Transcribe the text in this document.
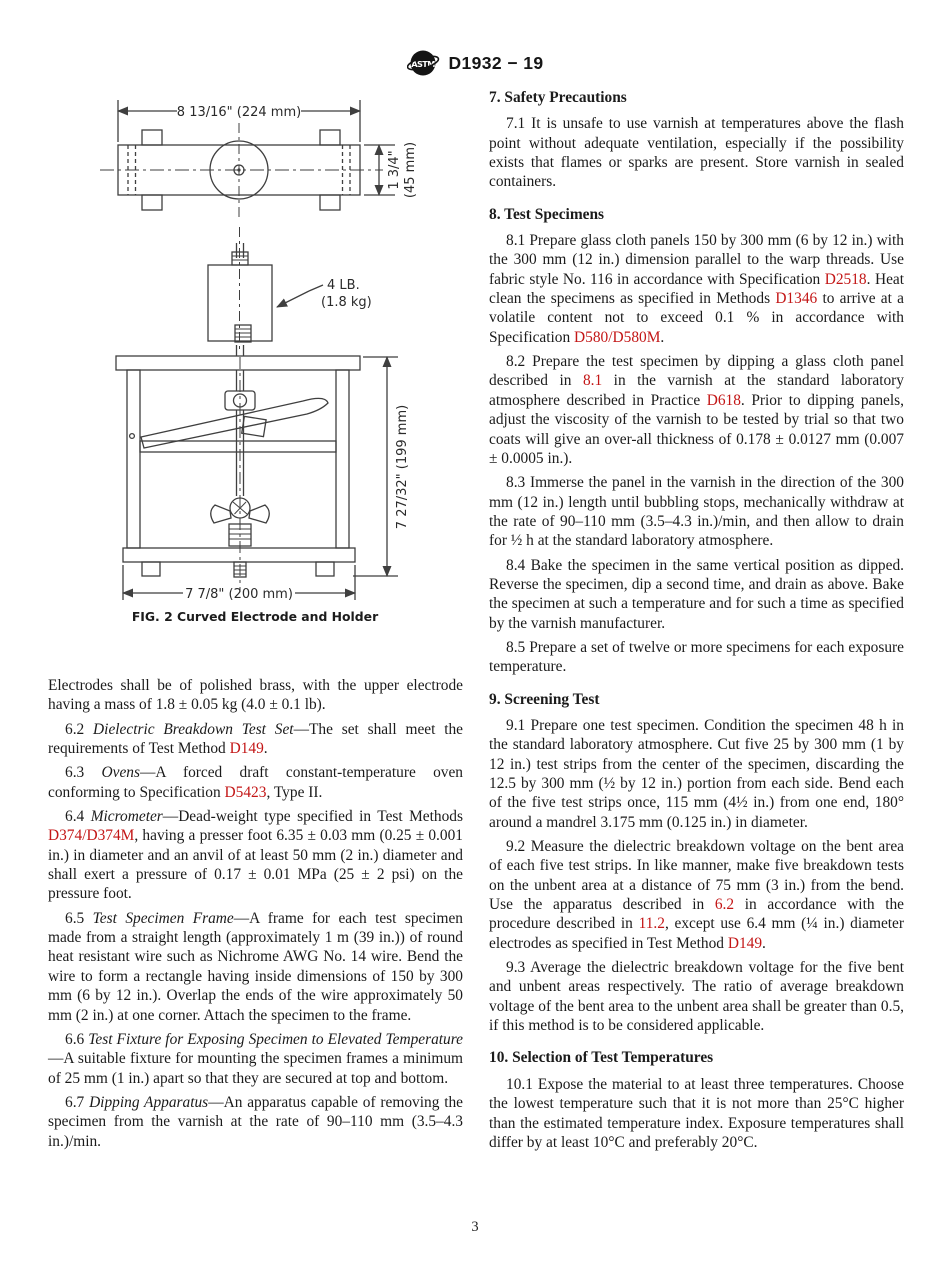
ASTM D1932 − 19
8 13/16" (224 mm)
1 3/4" (45 mm)
4 LB.
(1.8 kg)
7 7/8" (200 mm)
7 27/32" (199 mm)
FIG. 2 Curved Electrode and Holder

Electrodes shall be of polished brass, with the upper electrode having a mass of 1.8 ± 0.05 kg (4.0 ± 0.1 lb).

6.2 Dielectric Breakdown Test Set—The set shall meet the requirements of Test Method D149.

6.3 Ovens—A forced draft constant-temperature oven conforming to Specification D5423, Type II.

6.4 Micrometer—Dead-weight type specified in Test Methods D374/D374M, having a presser foot 6.35 ± 0.03 mm (0.25 ± 0.001 in.) in diameter and an anvil of at least 50 mm (2 in.) diameter and shall exert a pressure of 0.17 ± 0.01 MPa (25 ± 2 psi) on the pressure foot.

6.5 Test Specimen Frame—A frame for each test specimen made from a straight length (approximately 1 m (39 in.)) of round heat resistant wire such as Nichrome AWG No. 14 wire. Bend the wire to form a rectangle having inside dimensions of 150 by 300 mm (6 by 12 in.). Overlap the ends of the wire approximately 50 mm (2 in.) at one corner. Attach the specimen to the frame.

6.6 Test Fixture for Exposing Specimen to Elevated Temperature—A suitable fixture for mounting the specimen frames a minimum of 25 mm (1 in.) apart so that they are secured at top and bottom.

6.7 Dipping Apparatus—An apparatus capable of removing the specimen from the varnish at the rate of 90–110 mm (3.5–4.3 in.)/min.

7. Safety Precautions

7.1 It is unsafe to use varnish at temperatures above the flash point without adequate ventilation, especially if the possibility exists that flames or sparks are present. Store varnish in sealed containers.

8. Test Specimens

8.1 Prepare glass cloth panels 150 by 300 mm (6 by 12 in.) with the 300 mm (12 in.) dimension parallel to the warp threads. Use fabric style No. 116 in accordance with Specification D2518. Heat clean the specimens as specified in Methods D1346 to arrive at a volatile content not to exceed 0.1 % in accordance with Specification D580/D580M.

8.2 Prepare the test specimen by dipping a glass cloth panel described in 8.1 in the varnish at the standard laboratory atmosphere described in Practice D618. Prior to dipping panels, adjust the viscosity of the varnish to be tested by trial so that two coats will give an over-all thickness of 0.178 ± 0.0127 mm (0.007 ± 0.0005 in.).

8.3 Immerse the panel in the varnish in the direction of the 300 mm (12 in.) length until bubbling stops, mechanically withdraw at the rate of 90–110 mm (3.5–4.3 in.)/min, and then allow to drain for ½ h at the standard laboratory atmosphere.

8.4 Bake the specimen in the same vertical position as dipped. Reverse the specimen, dip a second time, and drain as above. Bake the specimen at such a temperature and for such a time as specified by the varnish manufacturer.

8.5 Prepare a set of twelve or more specimens for each exposure temperature.

9. Screening Test

9.1 Prepare one test specimen. Condition the specimen 48 h in the standard laboratory atmosphere. Cut five 25 by 300 mm (1 by 12 in.) test strips from the center of the specimen, discarding the 12.5 by 300 mm (½ by 12 in.) portion from each side. Bend each of the five test strips once, 115 mm (4½ in.) from one end, 180° around a mandrel 3.175 mm (0.125 in.) in diameter.

9.2 Measure the dielectric breakdown voltage on the bent area of each five test strips. In like manner, make five breakdown tests on the unbent area at a distance of 75 mm (3 in.) from the bend. Use the apparatus described in 6.2 in accordance with the procedure described in 11.2, except use 6.4 mm (¼ in.) diameter electrodes as specified in Test Method D149.

9.3 Average the dielectric breakdown voltage for the five bent and unbent areas respectively. The ratio of average breakdown voltage of the bent area to the unbent area shall be greater than 0.5, if this method is to be considered applicable.

10. Selection of Test Temperatures

10.1 Expose the material to at least three temperatures. Choose the lowest temperature such that it is not more than 25°C higher than the estimated temperature index. Exposure temperatures shall differ by at least 10°C and preferably 20°C.

3
